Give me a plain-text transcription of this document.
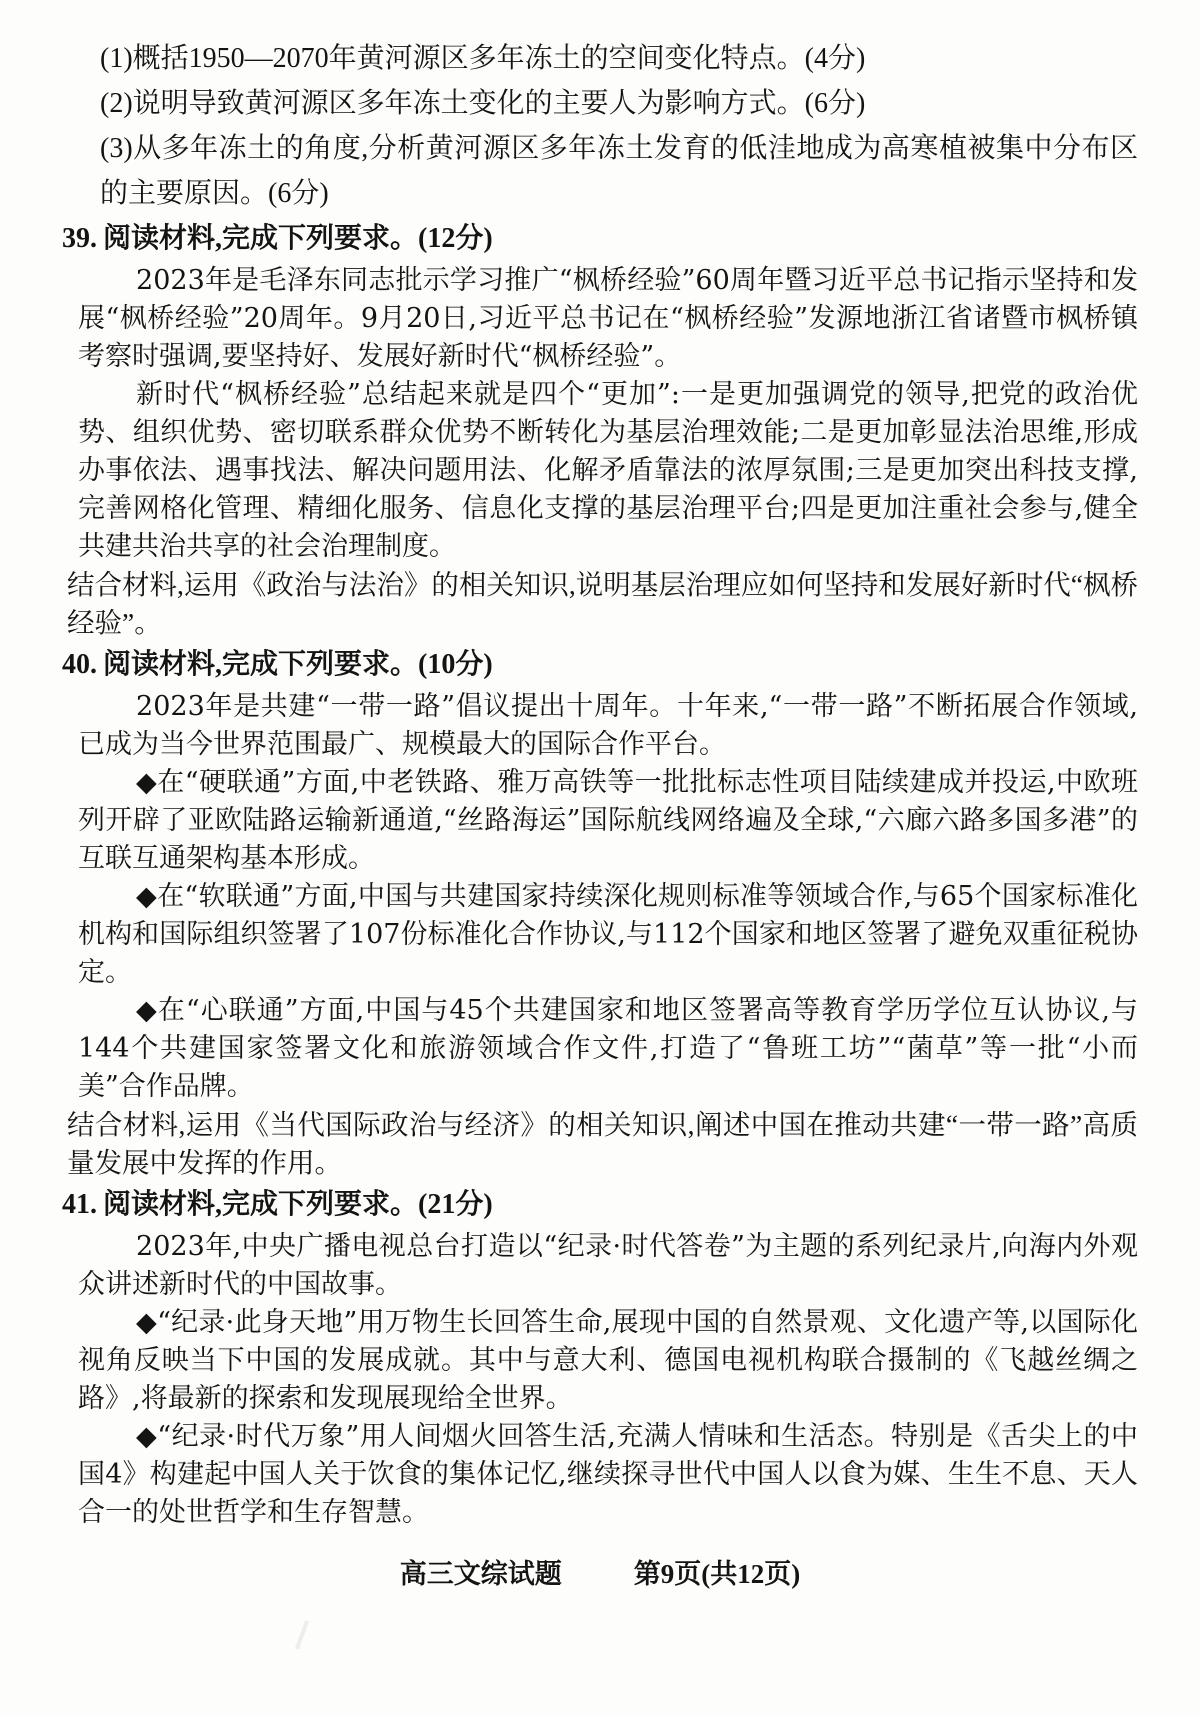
(1)概括1950—2070年黄河源区多年冻土的空间变化特点。(4分)

(2)说明导致黄河源区多年冻土变化的主要人为影响方式。(6分)

(3)从多年冻土的角度,分析黄河源区多年冻土发育的低洼地成为高寒植被集中分布区的主要原因。(6分)

39. 阅读材料,完成下列要求。(12分)

2023年是毛泽东同志批示学习推广“枫桥经验”60周年暨习近平总书记指示坚持和发展“枫桥经验”20周年。9月20日,习近平总书记在“枫桥经验”发源地浙江省诸暨市枫桥镇考察时强调,要坚持好、发展好新时代“枫桥经验”。

新时代“枫桥经验”总结起来就是四个“更加”:一是更加强调党的领导,把党的政治优势、组织优势、密切联系群众优势不断转化为基层治理效能;二是更加彰显法治思维,形成办事依法、遇事找法、解决问题用法、化解矛盾靠法的浓厚氛围;三是更加突出科技支撑,完善网格化管理、精细化服务、信息化支撑的基层治理平台;四是更加注重社会参与,健全共建共治共享的社会治理制度。

结合材料,运用《政治与法治》的相关知识,说明基层治理应如何坚持和发展好新时代“枫桥经验”。

40. 阅读材料,完成下列要求。(10分)

2023年是共建“一带一路”倡议提出十周年。十年来,“一带一路”不断拓展合作领域,已成为当今世界范围最广、规模最大的国际合作平台。

◆在“硬联通”方面,中老铁路、雅万高铁等一批批标志性项目陆续建成并投运,中欧班列开辟了亚欧陆路运输新通道,“丝路海运”国际航线网络遍及全球,“六廊六路多国多港”的互联互通架构基本形成。

◆在“软联通”方面,中国与共建国家持续深化规则标准等领域合作,与65个国家标准化机构和国际组织签署了107份标准化合作协议,与112个国家和地区签署了避免双重征税协定。

◆在“心联通”方面,中国与45个共建国家和地区签署高等教育学历学位互认协议,与144个共建国家签署文化和旅游领域合作文件,打造了“鲁班工坊”“菌草”等一批“小而美”合作品牌。

结合材料,运用《当代国际政治与经济》的相关知识,阐述中国在推动共建“一带一路”高质量发展中发挥的作用。

41. 阅读材料,完成下列要求。(21分)

2023年,中央广播电视总台打造以“纪录·时代答卷”为主题的系列纪录片,向海内外观众讲述新时代的中国故事。

◆“纪录·此身天地”用万物生长回答生命,展现中国的自然景观、文化遗产等,以国际化视角反映当下中国的发展成就。其中与意大利、德国电视机构联合摄制的《飞越丝绸之路》,将最新的探索和发现展现给全世界。

◆“纪录·时代万象”用人间烟火回答生活,充满人情味和生活态。特别是《舌尖上的中国4》构建起中国人关于饮食的集体记忆,继续探寻世代中国人以食为媒、生生不息、天人合一的处世哲学和生存智慧。

高三文综试题	第9页(共12页)
